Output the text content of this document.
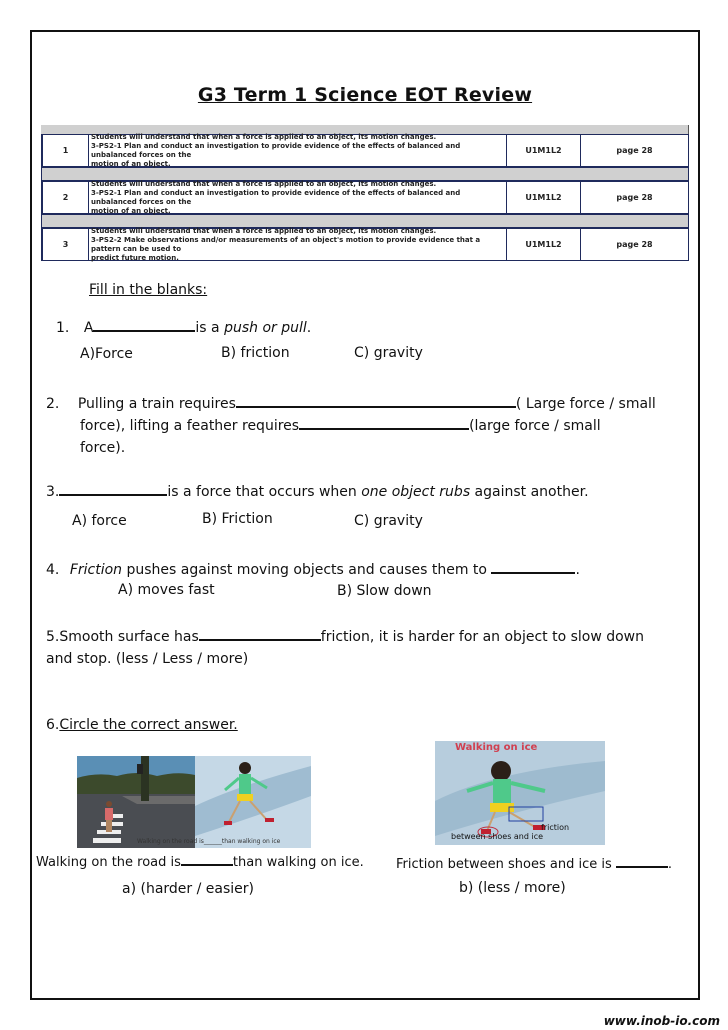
G3 Term 1 Science EOT Review
1
Students will understand that when a force is applied to an object, its motion changes.
3-PS2-1 Plan and conduct an investigation to provide evidence of the effects of balanced and unbalanced forces on the
motion of an object.
U1M1L2	page 28
2
Students will understand that when a force is applied to an object, its motion changes.
3-PS2-1 Plan and conduct an investigation to provide evidence of the effects of balanced and unbalanced forces on the
motion of an object.
U1M1L2	page 28
3
Students will understand that when a force is applied to an object, its motion changes.
3-PS2-2 Make observations and/or measurements of an object's motion to provide evidence that a pattern can be used to
predict future motion.
U1M1L2	page 28
Fill in the blanks:
1. A	is a push or pull.
A)Force	B) friction	C) gravity
2. Pulling a train requires	( Large force / small
force), lifting a feather requires	(large force / small
force).
3.	is a force that occurs when one object rubs against another.
A) force	B) Friction	C) gravity
4. Friction pushes against moving objects and causes them to	.
A) moves fast	B) Slow down
5.Smooth surface has	friction, it is harder for an object to slow down
and stop. (less / Less / more)
6.Circle the correct answer.
Walking on the road is______than walking on ice
Walking on ice
friction
between shoes and ice
Walking on the road is	than walking on ice. Friction between shoes and ice is	.
a) (harder / easier)	b) (less / more)
www.inob-io.com
